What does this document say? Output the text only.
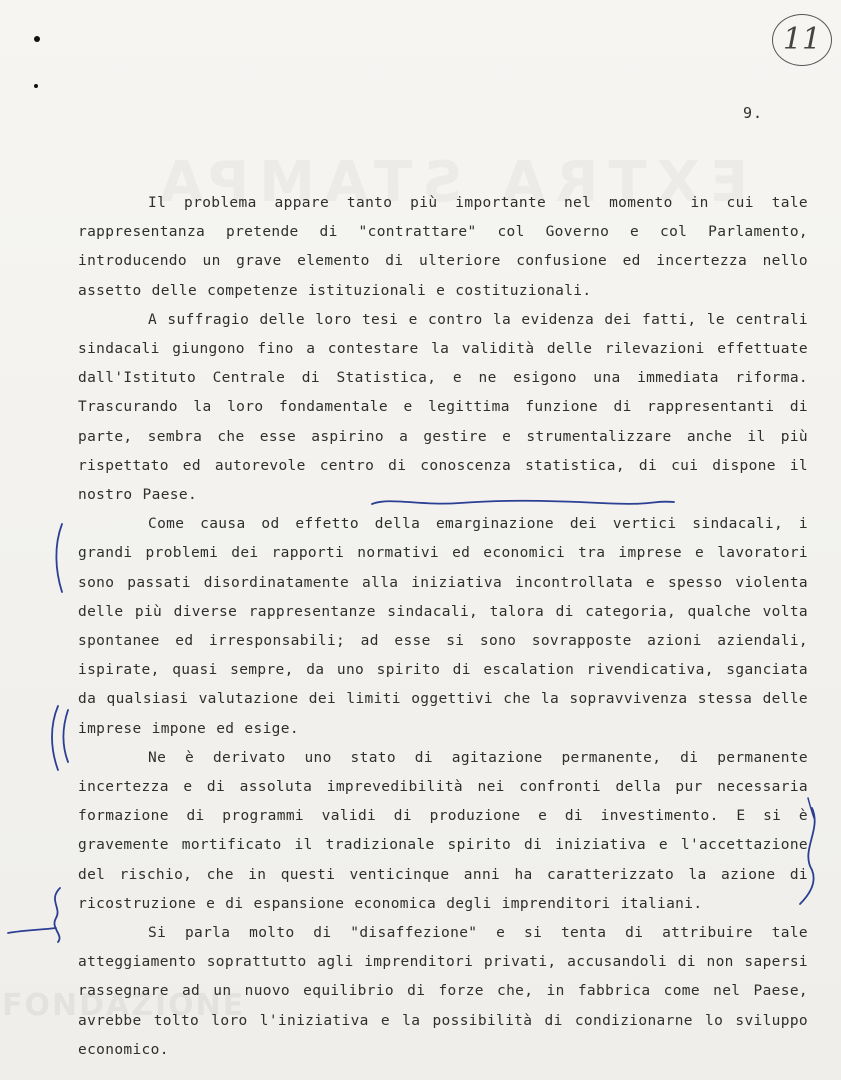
FONDAZIONE
11
9.

Il problema appare tanto più importante nel momento in cui tale rappresentanza pretende di "contrattare" col Governo e col Parlamento, introducendo un grave elemento di ulteriore confusione ed incertezza nello assetto delle competenze istituzionali e costituzionali.

A suffragio delle loro tesi e contro la evidenza dei fatti, le centrali sindacali giungono fino a contestare la validità delle rilevazioni effettuate dall'Istituto Centrale di Statistica, e ne esigono una immediata riforma. Trascurando la loro fondamentale e legittima funzione di rappresentanti di parte, sembra che esse aspirino a gestire e strumentalizzare anche il più rispettato ed autorevole centro di conoscenza statistica, di cui dispone il nostro Paese.

Come causa od effetto della emarginazione dei vertici sindacali, i grandi problemi dei rapporti normativi ed economici tra imprese e lavoratori sono passati disordinatamente alla iniziativa incontrollata e spesso violenta delle più diverse rappresentanze sindacali, talora di categoria, qualche volta spontanee ed irresponsabili; ad esse si sono sovrapposte azioni aziendali, ispirate, quasi sempre, da uno spirito di escalation rivendicativa, sganciata da qualsiasi valutazione dei limiti oggettivi che la sopravvivenza stessa delle imprese impone ed esige.

Ne è derivato uno stato di agitazione permanente, di permanente incertezza e di assoluta imprevedibilità nei confronti della pur necessaria formazione di programmi validi di produzione e di investimento. E si è gravemente mortificato il tradizionale spirito di iniziativa e l'accettazione del rischio, che in questi venticinque anni ha caratterizzato la azione di ricostruzione e di espansione economica degli imprenditori italiani.

Si parla molto di "disaffezione" e si tenta di attribuire tale atteggiamento soprattutto agli imprenditori privati, accusandoli di non sapersi rassegnare ad un nuovo equilibrio di forze che, in fabbrica come nel Paese, avrebbe tolto loro l'iniziativa e la possibilità di condizionarne lo sviluppo economico.
